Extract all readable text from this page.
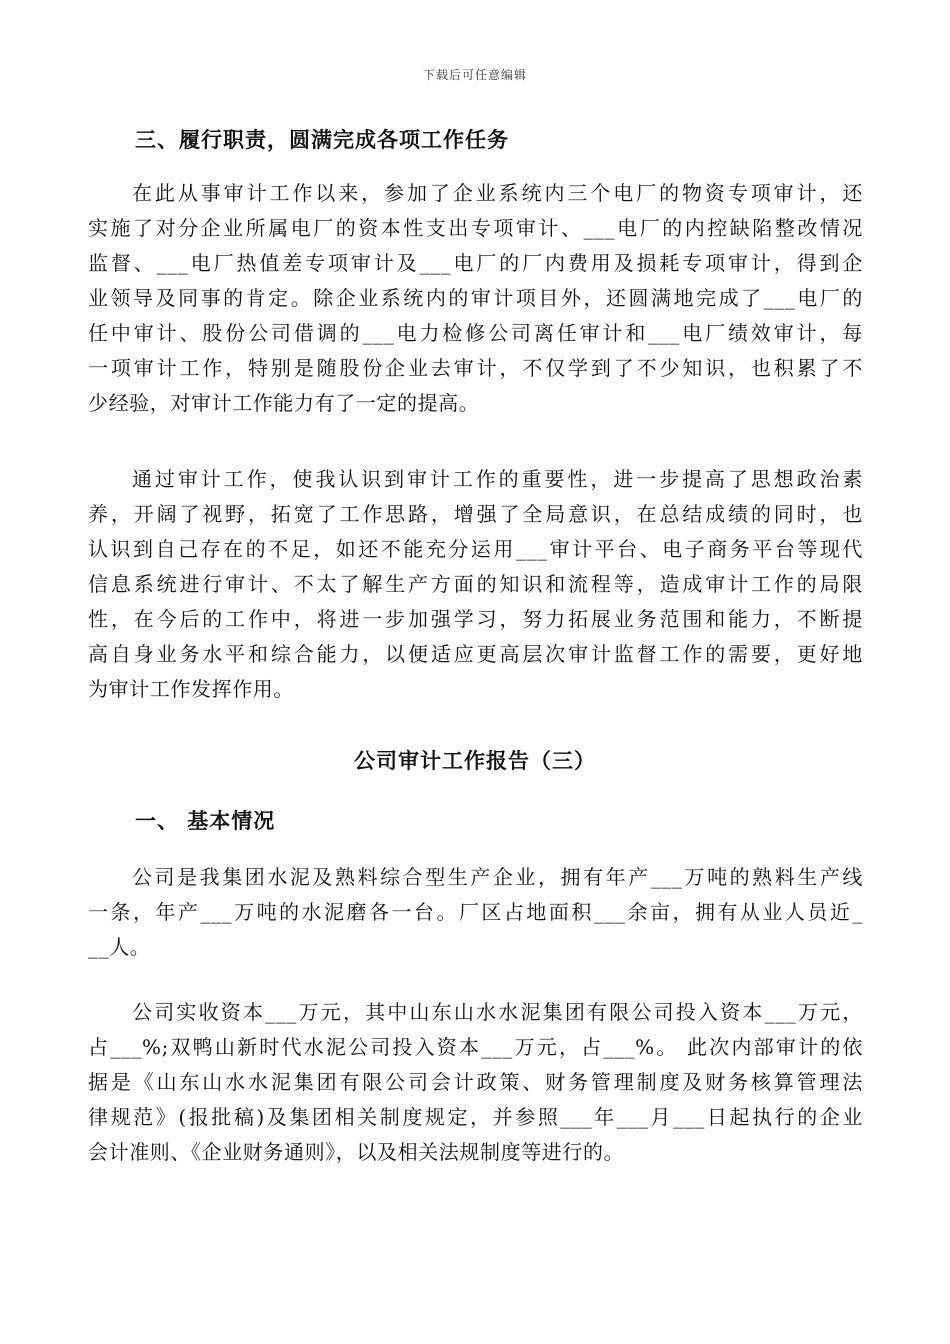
下载后可任意编辑
三、履行职责，圆满完成各项工作任务
在此从事审计工作以来，参加了企业系统内三个电厂的物资专项审计，还
实施了对分企业所属电厂的资本性支出专项审计、___电厂的内控缺陷整改情况
监督、___电厂热值差专项审计及___电厂的厂内费用及损耗专项审计，得到企
业领导及同事的肯定。除企业系统内的审计项目外，还圆满地完成了___电厂的
任中审计、股份公司借调的___电力检修公司离任审计和___电厂绩效审计，每
一项审计工作，特别是随股份企业去审计，不仅学到了不少知识，也积累了不
少经验，对审计工作能力有了一定的提高。
通过审计工作，使我认识到审计工作的重要性，进一步提高了思想政治素
养，开阔了视野，拓宽了工作思路，增强了全局意识，在总结成绩的同时，也
认识到自己存在的不足，如还不能充分运用___审计平台、电子商务平台等现代
信息系统进行审计、不太了解生产方面的知识和流程等，造成审计工作的局限
性，在今后的工作中，将进一步加强学习，努力拓展业务范围和能力，不断提
高自身业务水平和综合能力，以便适应更高层次审计监督工作的需要，更好地
为审计工作发挥作用。
公司审计工作报告（三）
一、 基本情况
公司是我集团水泥及熟料综合型生产企业，拥有年产___万吨的熟料生产线
一条，年产___万吨的水泥磨各一台。厂区占地面积___余亩，拥有从业人员近_
__人。
公司实收资本___万元，其中山东山水水泥集团有限公司投入资本___万元，
占___%;双鸭山新时代水泥公司投入资本___万元，占___%。 此次内部审计的依
据是《山东山水水泥集团有限公司会计政策、财务管理制度及财务核算管理法
律规范》(报批稿)及集团相关制度规定，并参照___年___月___日起执行的企业
会计准则、《企业财务通则》，以及相关法规制度等进行的。
